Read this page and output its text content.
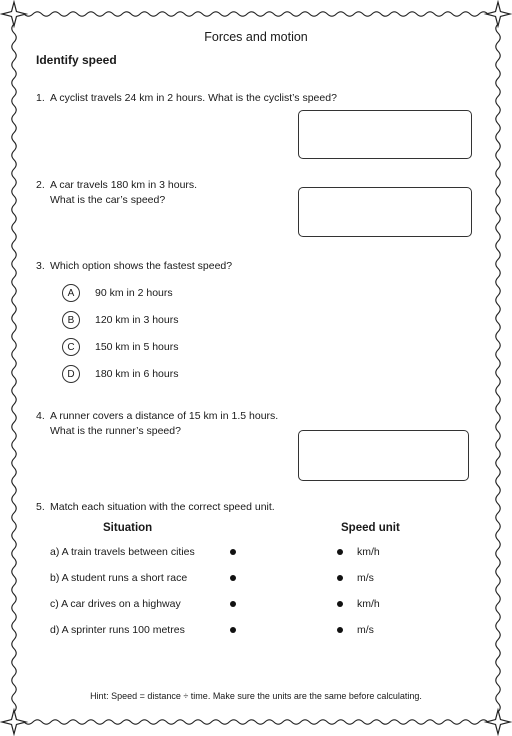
Forces and motion
Identify speed
1. A cyclist travels 24 km in 2 hours. What is the cyclist’s speed?
2. A car travels 180 km in 3 hours.
What is the car’s speed?
3. Which option shows the fastest speed?
A	90 km in 2 hours
B	120 km in 3 hours
C	150 km in 5 hours
D	180 km in 6 hours
4. A runner covers a distance of 15 km in 1.5 hours.
What is the runner’s speed?
5. Match each situation with the correct speed unit.
Situation	Speed unit
a) A train travels between cities	km/h
b) A student runs a short race	m/s
c) A car drives on a highway	km/h
d) A sprinter runs 100 metres	m/s
Hint: Speed = distance ÷ time. Make sure the units are the same before calculating.
